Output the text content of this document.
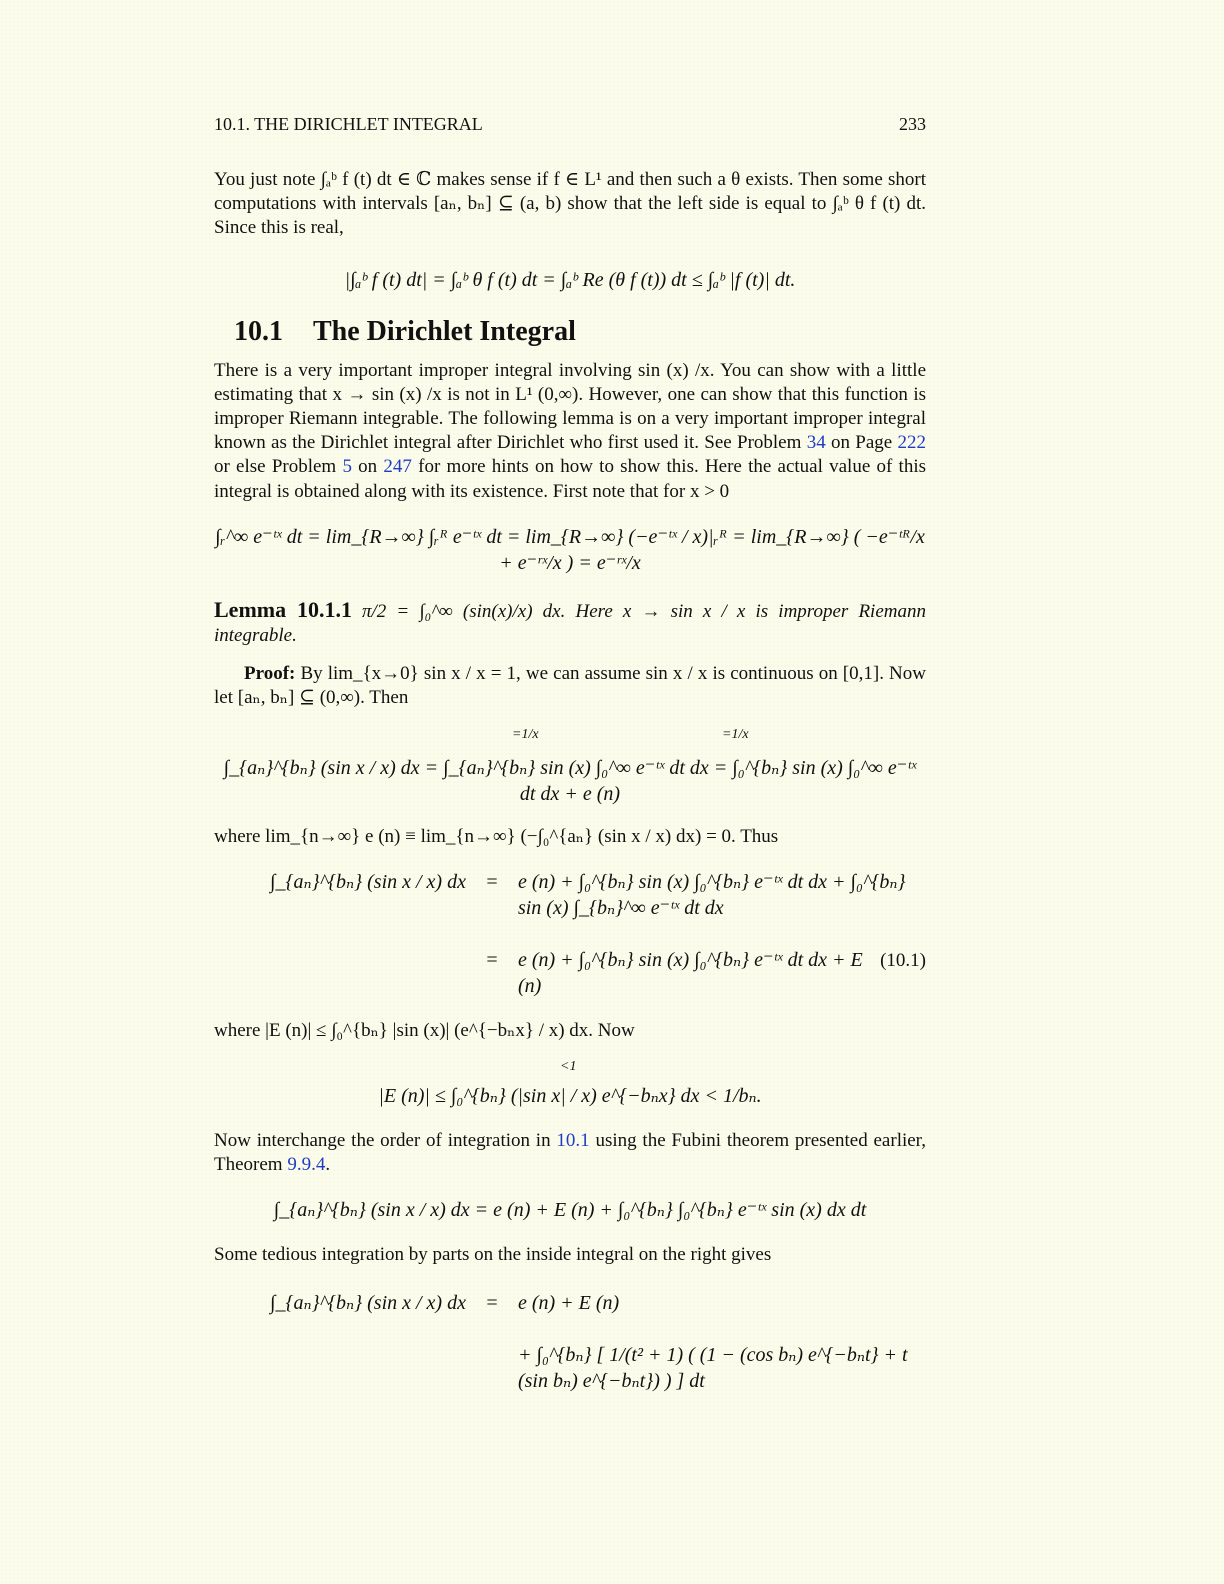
10.1. THE DIRICHLET INTEGRAL	233
You just note ∫ₐᵇ f (t) dt ∈ ℂ makes sense if f ∈ L¹ and then such a θ exists. Then some short computations with intervals [aₙ, bₙ] ⊆ (a, b) show that the left side is equal to ∫ₐᵇ θ f (t) dt. Since this is real,
|∫ₐᵇ f (t) dt| = ∫ₐᵇ θ f (t) dt = ∫ₐᵇ Re (θ f (t)) dt ≤ ∫ₐᵇ |f (t)| dt.
10.1 The Dirichlet Integral
There is a very important improper integral involving sin (x) /x. You can show with a little estimating that x → sin (x) /x is not in L¹ (0,∞). However, one can show that this function is improper Riemann integrable. The following lemma is on a very important improper integral known as the Dirichlet integral after Dirichlet who first used it. See Problem 34 on Page 222 or else Problem 5 on 247 for more hints on how to show this. Here the actual value of this integral is obtained along with its existence. First note that for x > 0
∫ᵣ^∞ e⁻ᵗˣ dt = lim_{R→∞} ∫ᵣᴿ e⁻ᵗˣ dt = lim_{R→∞} (−e⁻ᵗˣ / x)|ᵣᴿ = lim_{R→∞} ( −e⁻ᵗᴿ/x + e⁻ʳˣ/x ) = e⁻ʳˣ/x
Lemma 10.1.1 π/2 = ∫₀^∞ (sin(x)/x) dx. Here x → sin x / x is improper Riemann integrable.
Proof: By lim_{x→0} sin x / x = 1, we can assume sin x / x is continuous on [0,1]. Now let [aₙ, bₙ] ⊆ (0,∞). Then
=1/x	=1/x
∫_{aₙ}^{bₙ} (sin x / x) dx = ∫_{aₙ}^{bₙ} sin (x) ∫₀^∞ e⁻ᵗˣ dt dx = ∫₀^{bₙ} sin (x) ∫₀^∞ e⁻ᵗˣ dt dx + e (n)
where lim_{n→∞} e (n) ≡ lim_{n→∞} (−∫₀^{aₙ} (sin x / x) dx) = 0. Thus
∫_{aₙ}^{bₙ} (sin x / x) dx	=	e (n) + ∫₀^{bₙ} sin (x) ∫₀^{bₙ} e⁻ᵗˣ dt dx + ∫₀^{bₙ} sin (x) ∫_{bₙ}^∞ e⁻ᵗˣ dt dx
=	e (n) + ∫₀^{bₙ} sin (x) ∫₀^{bₙ} e⁻ᵗˣ dt dx + E (n)
(10.1)
where |E (n)| ≤ ∫₀^{bₙ} |sin (x)| (e^{−bₙx} / x) dx. Now
<1
|E (n)| ≤ ∫₀^{bₙ} (|sin x| / x) e^{−bₙx} dx < 1/bₙ.
Now interchange the order of integration in 10.1 using the Fubini theorem presented earlier, Theorem 9.9.4.
∫_{aₙ}^{bₙ} (sin x / x) dx = e (n) + E (n) + ∫₀^{bₙ} ∫₀^{bₙ} e⁻ᵗˣ sin (x) dx dt
Some tedious integration by parts on the inside integral on the right gives
∫_{aₙ}^{bₙ} (sin x / x) dx	=	e (n) + E (n)
+ ∫₀^{bₙ} [ 1/(t² + 1) ( (1 − (cos bₙ) e^{−bₙt} + t (sin bₙ) e^{−bₙt}) ) ] dt
